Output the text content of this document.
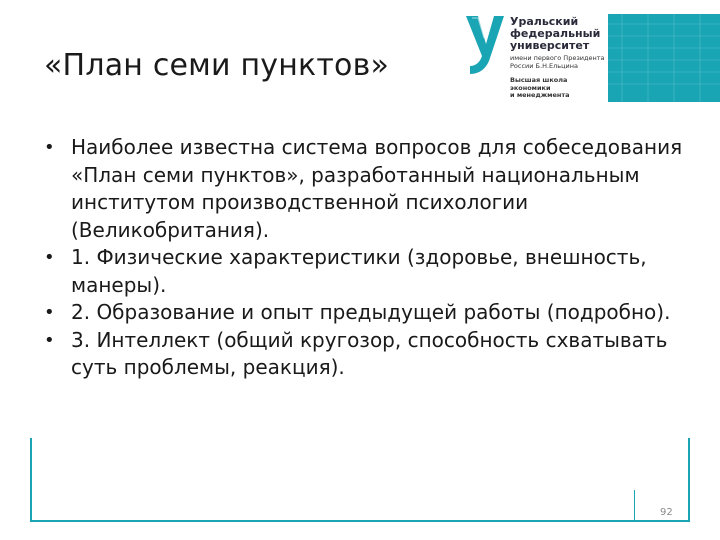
«План семи пунктов»
Уральский
федеральный
университет
имени первого Президента
России Б.Н.Ельцина
Высшая школа
экономики
и менеджмента
• Наиболее известна система вопросов для собеседования «План семи пунктов», разработанный национальным институтом производственной психологии (Великобритания).
• 1. Физические характеристики (здоровье, внешность, манеры).
• 2. Образование и опыт предыдущей работы (подробно).
• 3. Интеллект (общий кругозор, способность схватывать суть проблемы, реакция).
92
